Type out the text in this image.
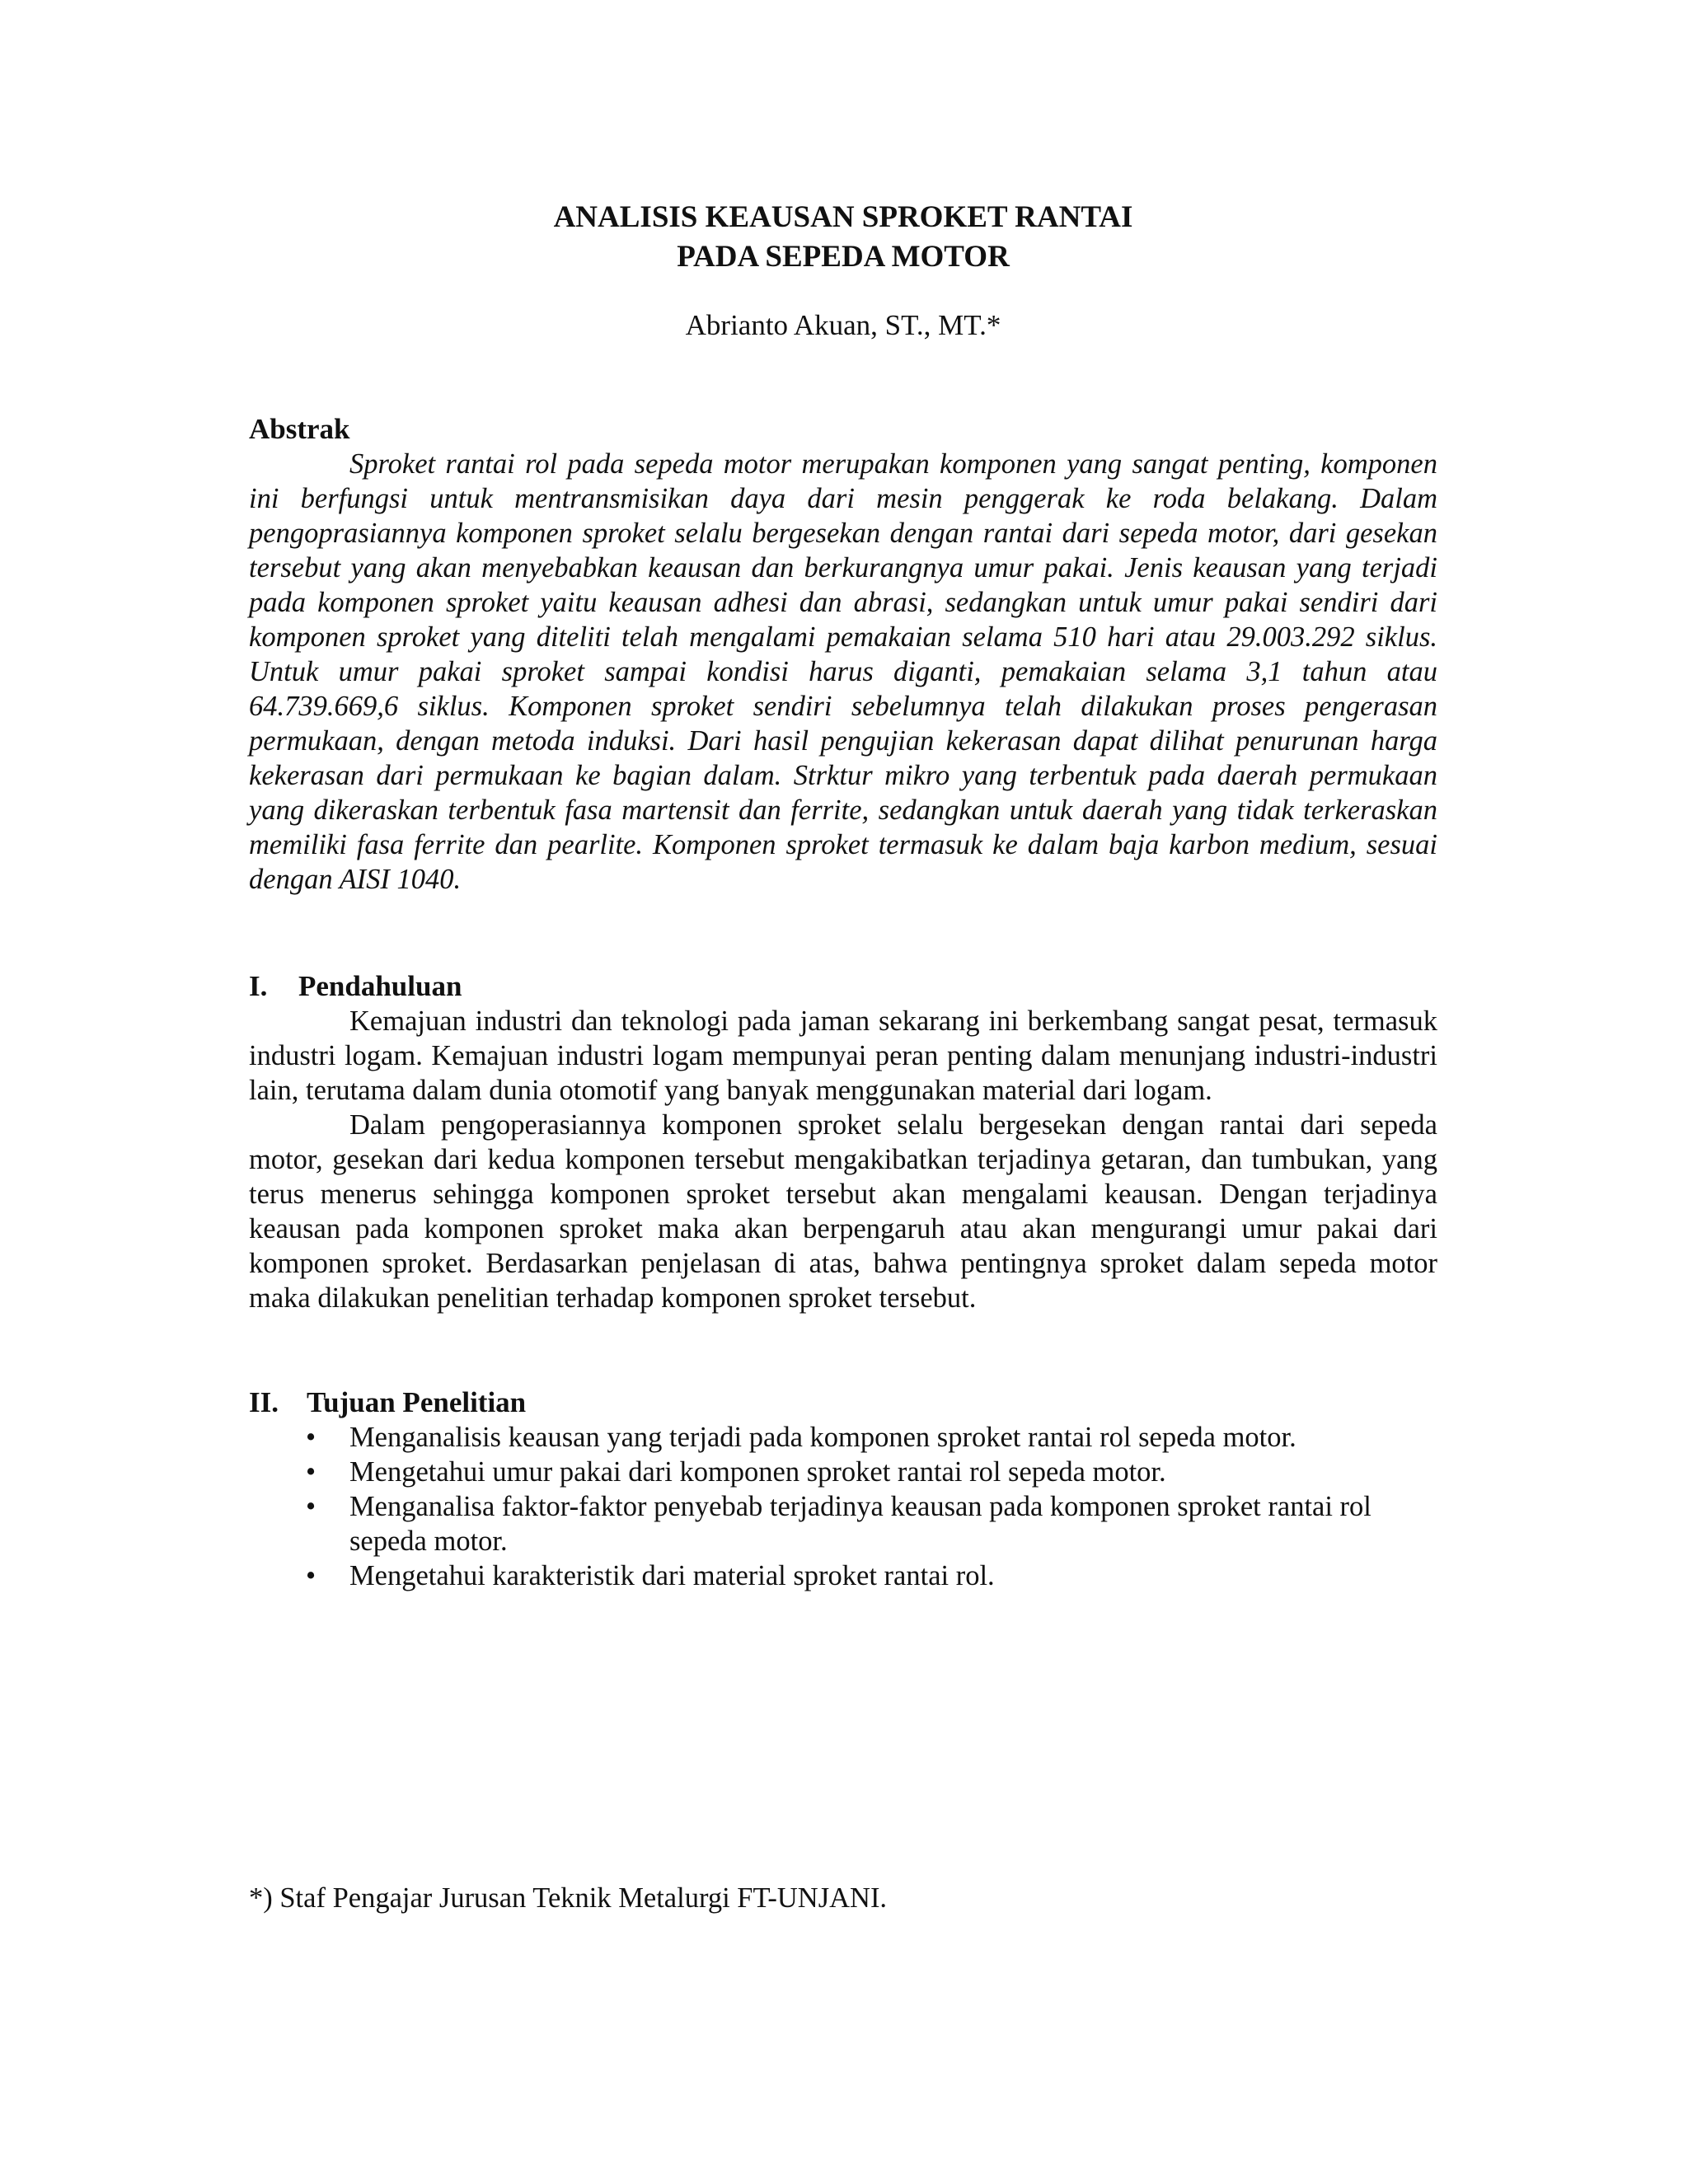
ANALISIS KEAUSAN SPROKET RANTAI
PADA SEPEDA MOTOR
Abrianto Akuan, ST., MT.*

Abstrak

Sproket rantai rol pada sepeda motor merupakan komponen yang sangat penting, komponen ini berfungsi untuk mentransmisikan daya dari mesin penggerak ke roda belakang. Dalam pengoprasiannya komponen sproket selalu bergesekan dengan rantai dari sepeda motor, dari gesekan tersebut yang akan menyebabkan keausan dan berkurangnya umur pakai. Jenis keausan yang terjadi pada komponen sproket yaitu keausan adhesi dan abrasi, sedangkan untuk umur pakai sendiri dari komponen sproket yang diteliti telah mengalami pemakaian selama 510 hari atau 29.003.292 siklus. Untuk umur pakai sproket sampai kondisi harus diganti, pemakaian selama 3,1 tahun atau 64.739.669,6 siklus. Komponen sproket sendiri sebelumnya telah dilakukan proses pengerasan permukaan, dengan metoda induksi. Dari hasil pengujian kekerasan dapat dilihat penurunan harga kekerasan dari permukaan ke bagian dalam. Strktur mikro yang terbentuk pada daerah permukaan yang dikeraskan terbentuk fasa martensit dan ferrite, sedangkan untuk daerah yang tidak terkeraskan memiliki fasa ferrite dan pearlite. Komponen sproket termasuk ke dalam baja karbon medium, sesuai dengan AISI 1040.

I.	Pendahuluan

Kemajuan industri dan teknologi pada jaman sekarang ini berkembang sangat pesat, termasuk industri logam. Kemajuan industri logam mempunyai peran penting dalam menunjang industri-industri lain, terutama dalam dunia otomotif yang banyak menggunakan material dari logam.

Dalam pengoperasiannya komponen sproket selalu bergesekan dengan rantai dari sepeda motor, gesekan dari kedua komponen tersebut mengakibatkan terjadinya getaran, dan tumbukan, yang terus menerus sehingga komponen sproket tersebut akan mengalami keausan. Dengan terjadinya keausan pada komponen sproket maka akan berpengaruh atau akan mengurangi umur pakai dari komponen sproket. Berdasarkan penjelasan di atas, bahwa pentingnya sproket dalam sepeda motor maka dilakukan penelitian terhadap komponen sproket tersebut.

II. Tujuan Penelitian

• Menganalisis keausan yang terjadi pada komponen sproket rantai rol sepeda motor.
• Mengetahui umur pakai dari komponen sproket rantai rol sepeda motor.
• Menganalisa faktor-faktor penyebab terjadinya keausan pada komponen sproket rantai rol sepeda motor.
• Mengetahui karakteristik dari material sproket rantai rol.
*) Staf Pengajar Jurusan Teknik Metalurgi FT-UNJANI.
